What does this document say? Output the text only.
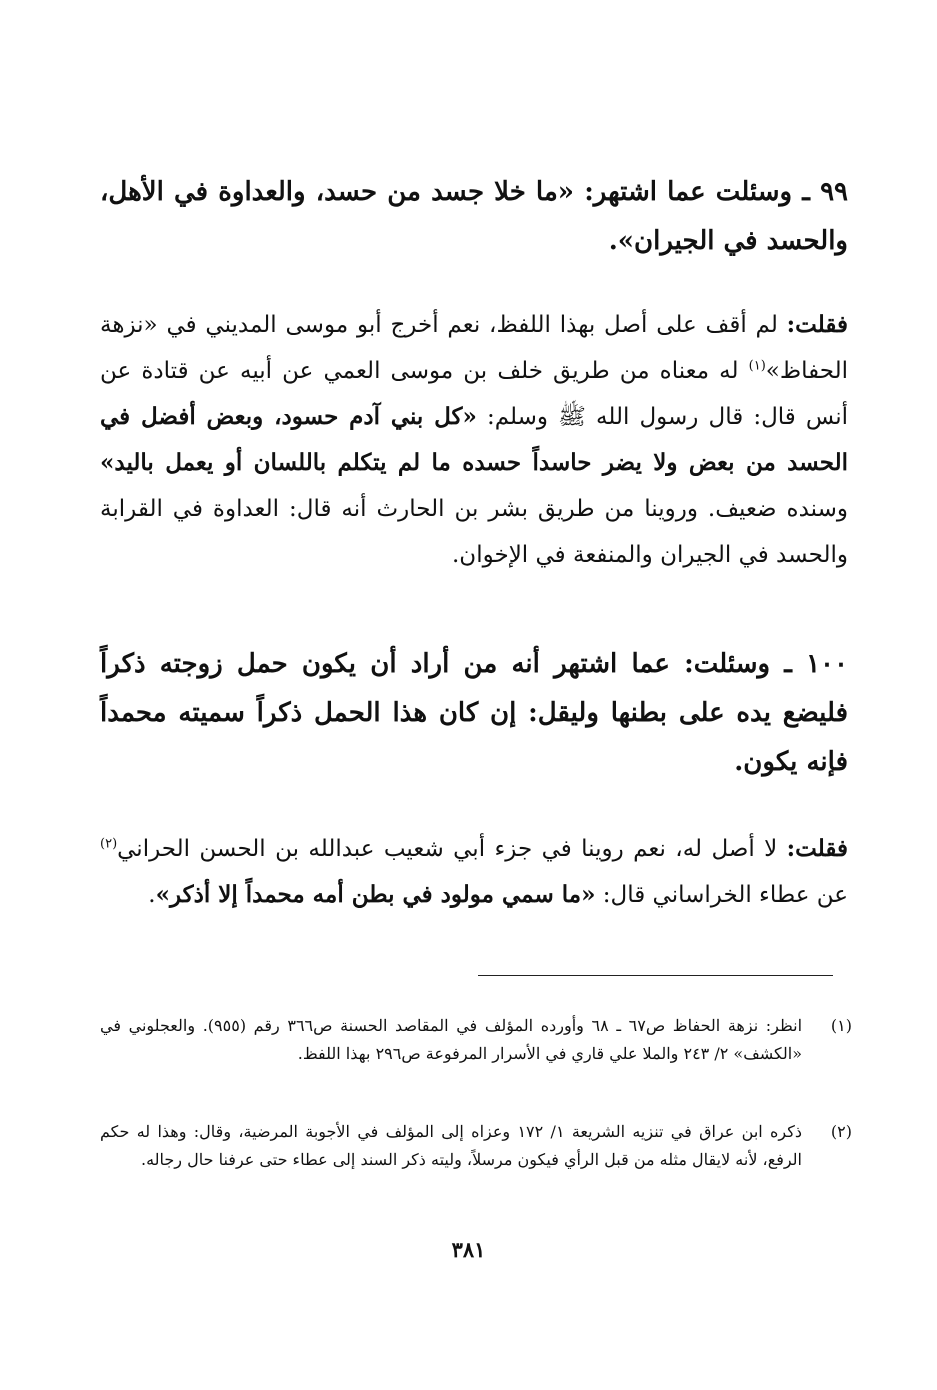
٩٩ ـ وسئلت عما اشتهر: «ما خلا جسد من حسد، والعداوة في الأهل، والحسد في الجيران».
فقلت: لم أقف على أصل بهذا اللفظ، نعم أخرج أبو موسى المديني في «نزهة الحفاظ»$^{(١)}$ له معناه من طريق خلف بن موسى العمي عن أبيه عن قتادة عن أنس قال: قال رسول الله ﷺ وسلم: «كل بني آدم حسود، وبعض أفضل في الحسد من بعض ولا يضر حاسداً حسده ما لم يتكلم باللسان أو يعمل باليد» وسنده ضعيف. وروينا من طريق بشر بن الحارث أنه قال: العداوة في القرابة والحسد في الجيران والمنفعة في الإخوان.
١٠٠ ـ وسئلت: عما اشتهر أنه من أراد أن يكون حمل زوجته ذكراً فليضع يده على بطنها وليقل: إن كان هذا الحمل ذكراً سميته محمداً فإنه يكون.
فقلت: لا أصل له، نعم روينا في جزء أبي شعيب عبدالله بن الحسن الحراني$^{(٢)}$ عن عطاء الخراساني قال: «ما سمي مولود في بطن أمه محمداً إلا أذكر».
(١)
انظر: نزهة الحفاظ ص٦٧ ـ ٦٨ وأورده المؤلف في المقاصد الحسنة ص٣٦٦ رقم (٩٥٥). والعجلوني في «الكشف» ٢/ ٢٤٣ والملا علي قاري في الأسرار المرفوعة ص٢٩٦ بهذا اللفظ.
(٢)
ذكره ابن عراق في تنزيه الشريعة ١/ ١٧٢ وعزاه إلى المؤلف في الأجوبة المرضية، وقال: وهذا له حكم الرفع، لأنه لايقال مثله من قبل الرأي فيكون مرسلاً، وليته ذكر السند إلى عطاء حتى عرفنا حال رجاله.
٣٨١
